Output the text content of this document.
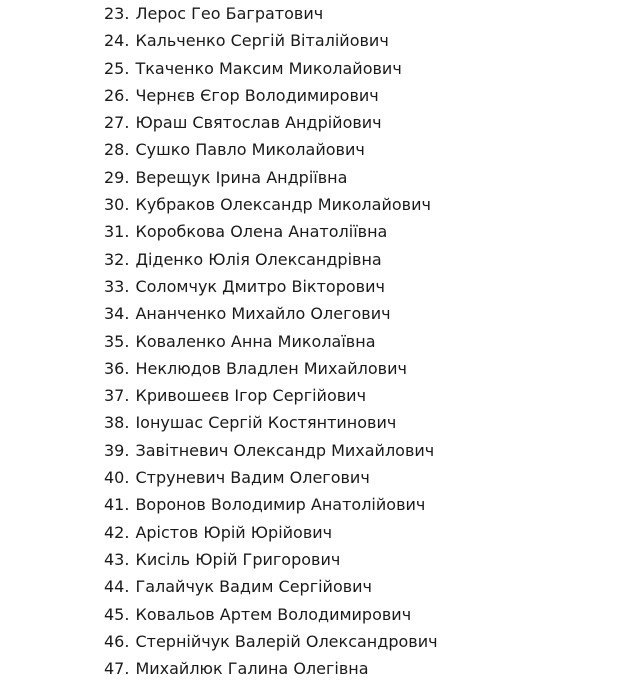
23. Лерос Гео Багратович
24. Кальченко Сергій Віталійович
25. Ткаченко Максим Миколайович
26. Чернєв Єгор Володимирович
27. Юраш Святослав Андрійович
28. Сушко Павло Миколайович
29. Верещук Ірина Андріївна
30. Кубраков Олександр Миколайович
31. Коробкова Олена Анатоліївна
32. Діденко Юлія Олександрівна
33. Соломчук Дмитро Вікторович
34. Ананченко Михайло Олегович
35. Коваленко Анна Миколаївна
36. Неклюдов Владлен Михайлович
37. Кривошеєв Ігор Сергійович
38. Іонушас Сергій Костянтинович
39. Завітневич Олександр Михайлович
40. Струневич Вадим Олегович
41. Воронов Володимир Анатолійович
42. Арістов Юрій Юрійович
43. Кисіль Юрій Григорович
44. Галайчук Вадим Сергійович
45. Ковальов Артем Володимирович
46. Стернійчук Валерій Олександрович
47. Михайлюк Галина Олегівна
